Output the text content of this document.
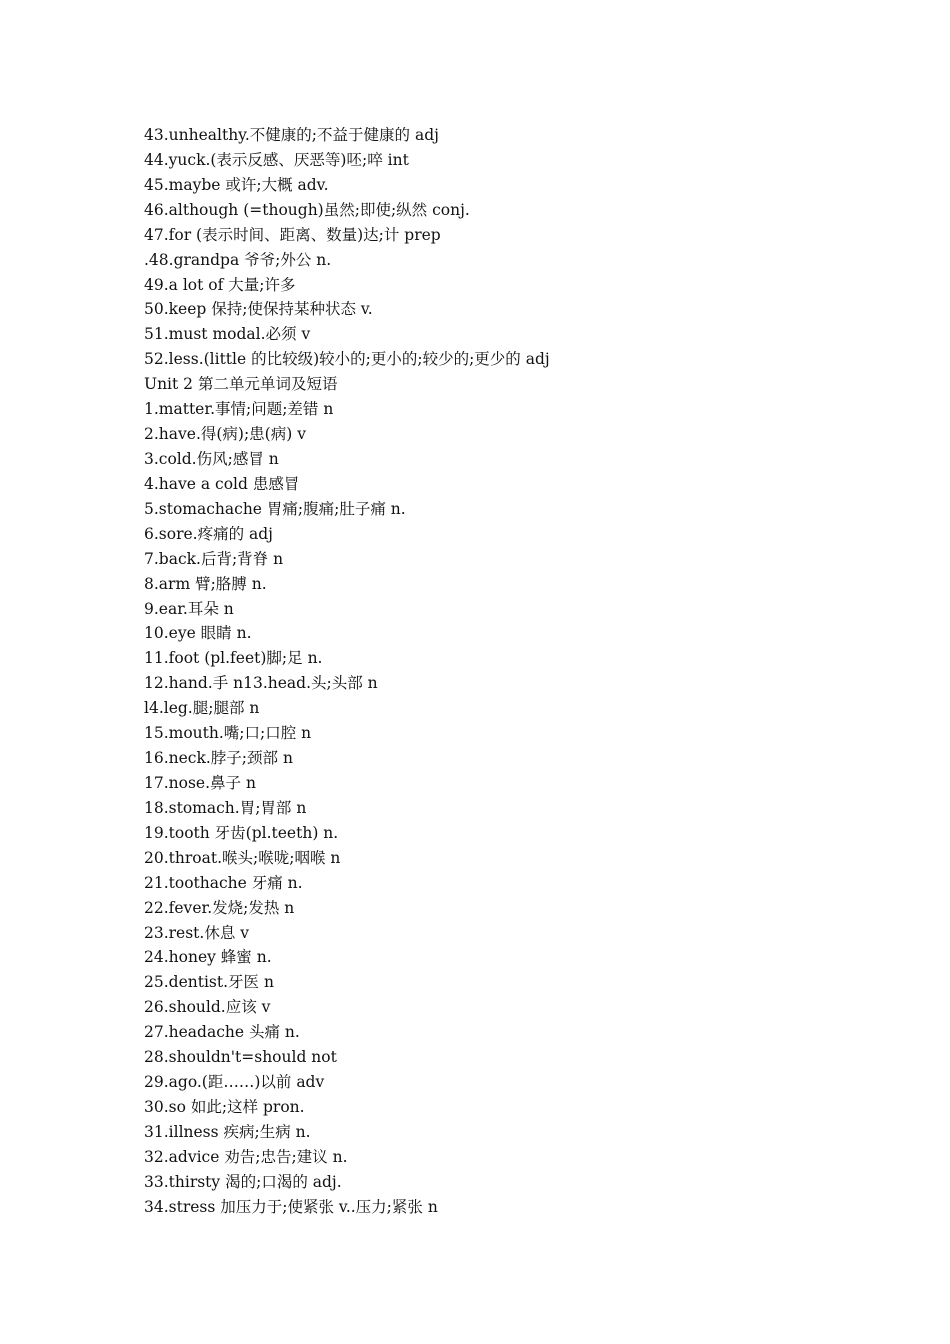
43.unhealthy.不健康的;不益于健康的 adj
44.yuck.(表示反感、厌恶等)呸;啐 int
45.maybe 或许;大概 adv.
46.although (=though)虽然;即使;纵然 conj.
47.for (表示时间、距离、数量)达;计 prep
.48.grandpa 爷爷;外公 n.
49.a lot of 大量;许多
50.keep 保持;使保持某种状态 v.
51.must modal.必须 v
52.less.(little 的比较级)较小的;更小的;较少的;更少的 adj
Unit 2 第二单元单词及短语
1.matter.事情;问题;差错 n
2.have.得(病);患(病) v
3.cold.伤风;感冒 n
4.have a cold 患感冒
5.stomachache 胃痛;腹痛;肚子痛 n.
6.sore.疼痛的 adj
7.back.后背;背脊 n
8.arm 臂;胳膊 n.
9.ear.耳朵 n
10.eye 眼睛 n.
11.foot (pl.feet)脚;足 n.
12.hand.手 n13.head.头;头部 n
l4.leg.腿;腿部 n
15.mouth.嘴;口;口腔 n
16.neck.脖子;颈部 n
17.nose.鼻子 n
18.stomach.胃;胃部 n
19.tooth 牙齿(pl.teeth) n.
20.throat.喉头;喉咙;咽喉 n
21.toothache 牙痛 n.
22.fever.发烧;发热 n
23.rest.休息 v
24.honey 蜂蜜 n.
25.dentist.牙医 n
26.should.应该 v
27.headache 头痛 n.
28.shouldn't=should not
29.ago.(距……)以前 adv
30.so 如此;这样 pron.
31.illness 疾病;生病 n.
32.advice 劝告;忠告;建议 n.
33.thirsty 渴的;口渴的 adj.
34.stress 加压力于;使紧张 v..压力;紧张 n
